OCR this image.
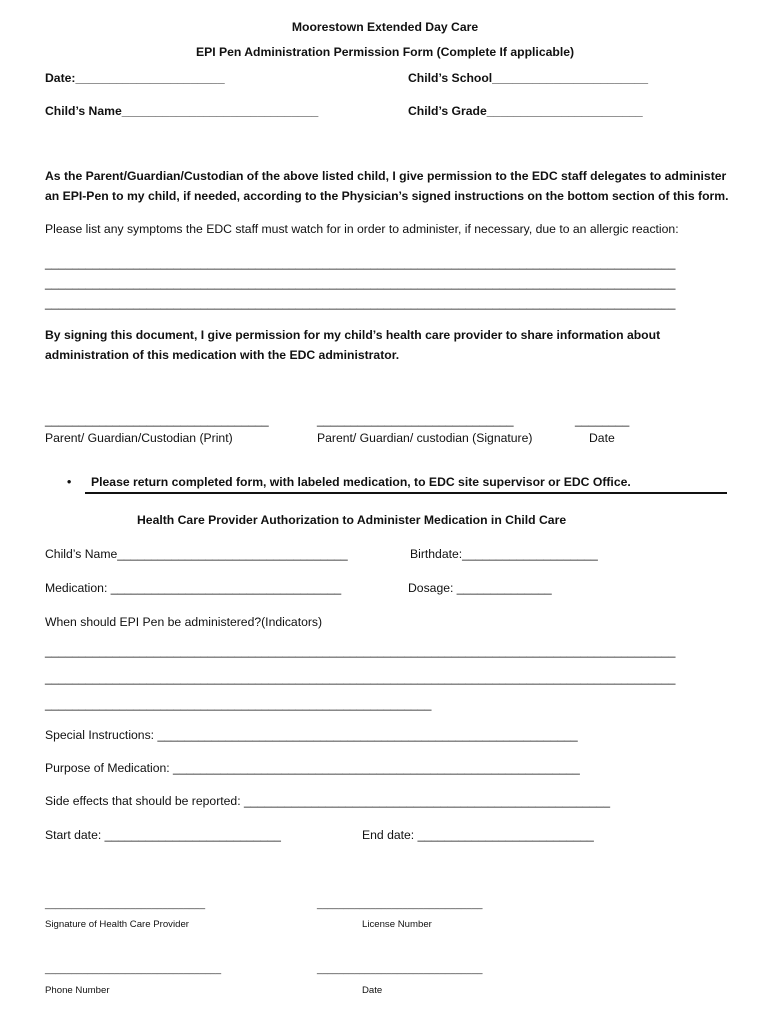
Moorestown Extended Day Care
EPI Pen Administration Permission Form (Complete If applicable)
Date:______________________	Child’s School_______________________
Child’s Name_____________________________	Child’s Grade_______________________
As the Parent/Guardian/Custodian of the above listed child, I give permission to the EDC staff delegates to administer
an EPI-Pen to my child, if needed, according to the Physician’s signed instructions on the bottom section of this form.
Please list any symptoms the EDC staff must watch for in order to administer, if necessary, due to an allergic reaction:
_____________________________________________________________________________________________
_____________________________________________________________________________________________
_____________________________________________________________________________________________
By signing this document, I give permission for my child’s health care provider to share information about
administration of this medication with the EDC administrator.
_________________________________	_____________________________	________
Parent/ Guardian/Custodian (Print)	Parent/ Guardian/ custodian (Signature)	Date
• Please return completed form, with labeled medication, to EDC site supervisor or EDC Office.
Health Care Provider Authorization to Administer Medication in Child Care
Child’s Name__________________________________	Birthdate:____________________
Medication: __________________________________	Dosage: ______________
When should EPI Pen be administered?(Indicators)
_____________________________________________________________________________________________
_____________________________________________________________________________________________
_________________________________________________________
Special Instructions: ______________________________________________________________
Purpose of Medication: ____________________________________________________________
Side effects that should be reported: ______________________________________________________
Start date: __________________________	End date: __________________________
______________________________	_______________________________
Signature of Health Care Provider	License Number
_________________________________	_______________________________
Phone Number	Date
